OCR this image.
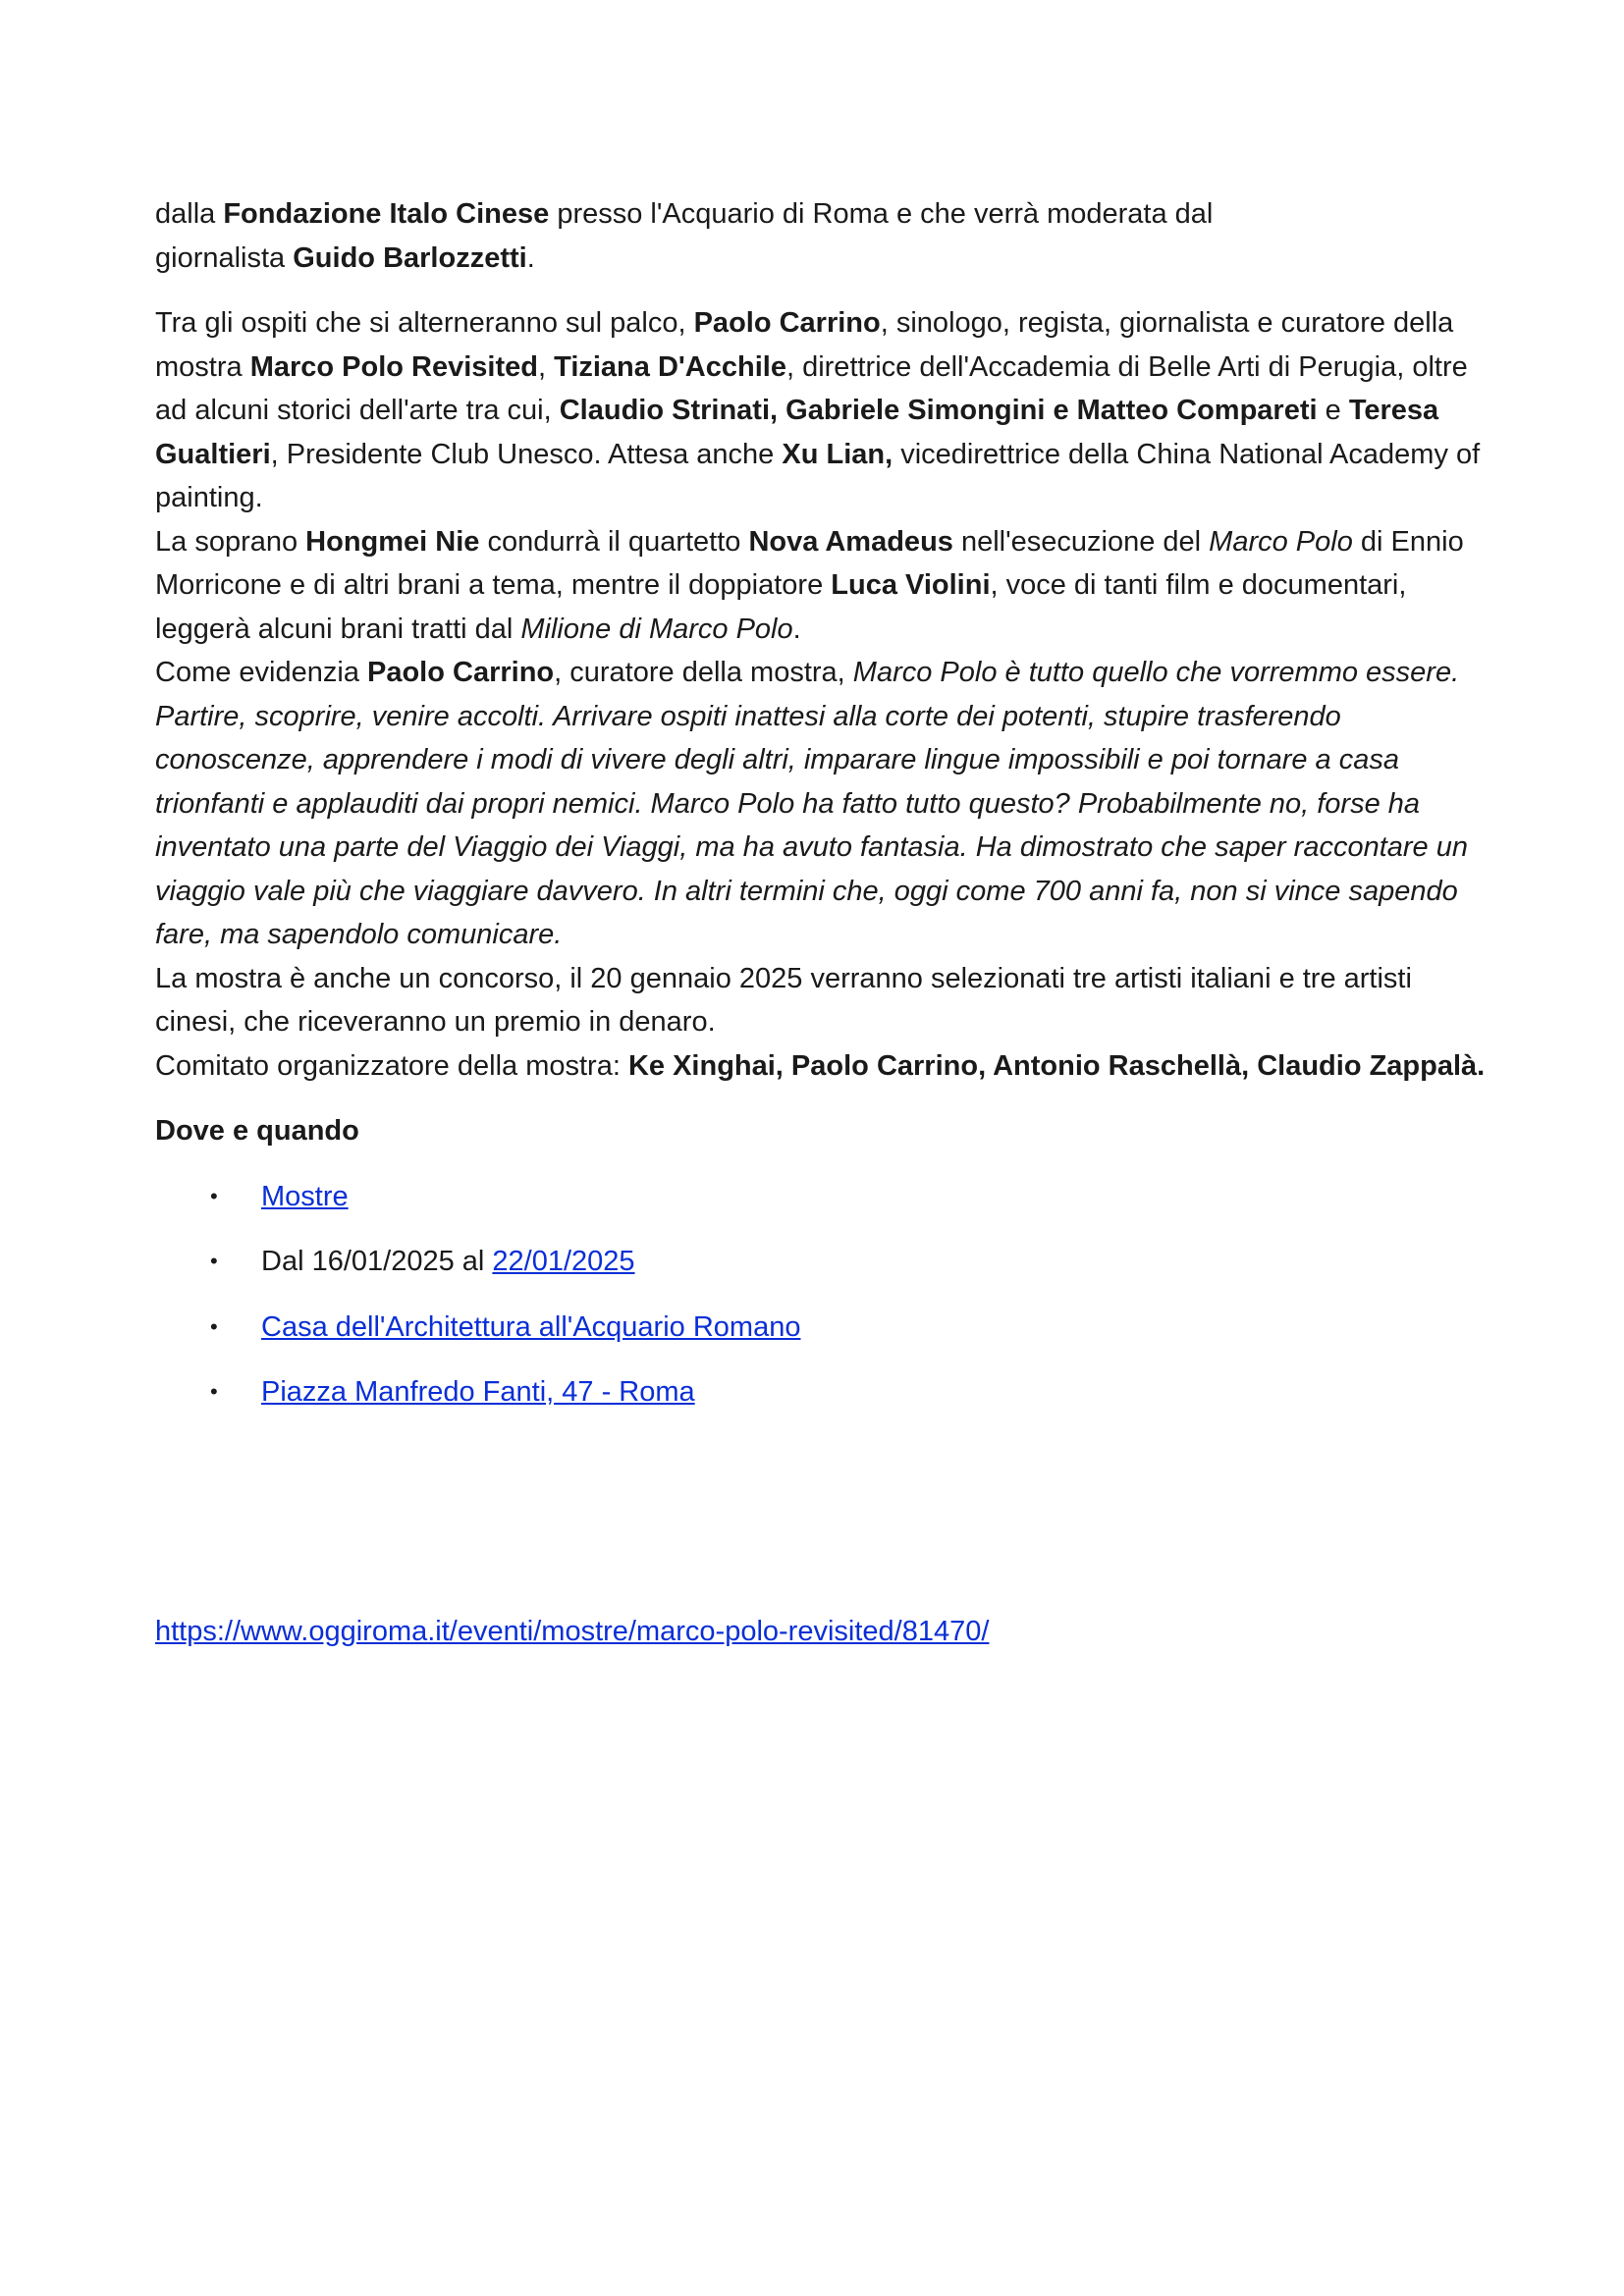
dalla Fondazione Italo Cinese presso l'Acquario di Roma e che verrà moderata dal
giornalista Guido Barlozzetti.

Tra gli ospiti che si alterneranno sul palco, Paolo Carrino, sinologo, regista, giornalista e curatore della mostra Marco Polo Revisited, Tiziana D'Acchile, direttrice dell'Accademia di Belle Arti di Perugia, oltre ad alcuni storici dell'arte tra cui, Claudio Strinati, Gabriele Simongini e Matteo Compareti e Teresa Gualtieri, Presidente Club Unesco. Attesa anche Xu Lian, vicedirettrice della China National Academy of painting.

La soprano Hongmei Nie condurrà il quartetto Nova Amadeus nell'esecuzione del Marco Polo di Ennio Morricone e di altri brani a tema, mentre il doppiatore Luca Violini, voce di tanti film e documentari, leggerà alcuni brani tratti dal Milione di Marco Polo.

Come evidenzia Paolo Carrino, curatore della mostra, Marco Polo è tutto quello che vorremmo essere. Partire, scoprire, venire accolti. Arrivare ospiti inattesi alla corte dei potenti, stupire trasferendo conoscenze, apprendere i modi di vivere degli altri, imparare lingue impossibili e poi tornare a casa trionfanti e applauditi dai propri nemici. Marco Polo ha fatto tutto questo? Probabilmente no, forse ha inventato una parte del Viaggio dei Viaggi, ma ha avuto fantasia. Ha dimostrato che saper raccontare un viaggio vale più che viaggiare davvero. In altri termini che, oggi come 700 anni fa, non si vince sapendo fare, ma sapendolo comunicare.

La mostra è anche un concorso, il 20 gennaio 2025 verranno selezionati tre artisti italiani e tre artisti cinesi, che riceveranno un premio in denaro.

Comitato organizzatore della mostra: Ke Xinghai, Paolo Carrino, Antonio Raschellà, Claudio Zappalà.

Dove e quando
• Mostre
• Dal 16/01/2025 al 22/01/2025
• Casa dell'Architettura all'Acquario Romano
• Piazza Manfredo Fanti, 47 - Roma
https://www.oggiroma.it/eventi/mostre/marco-polo-revisited/81470/
